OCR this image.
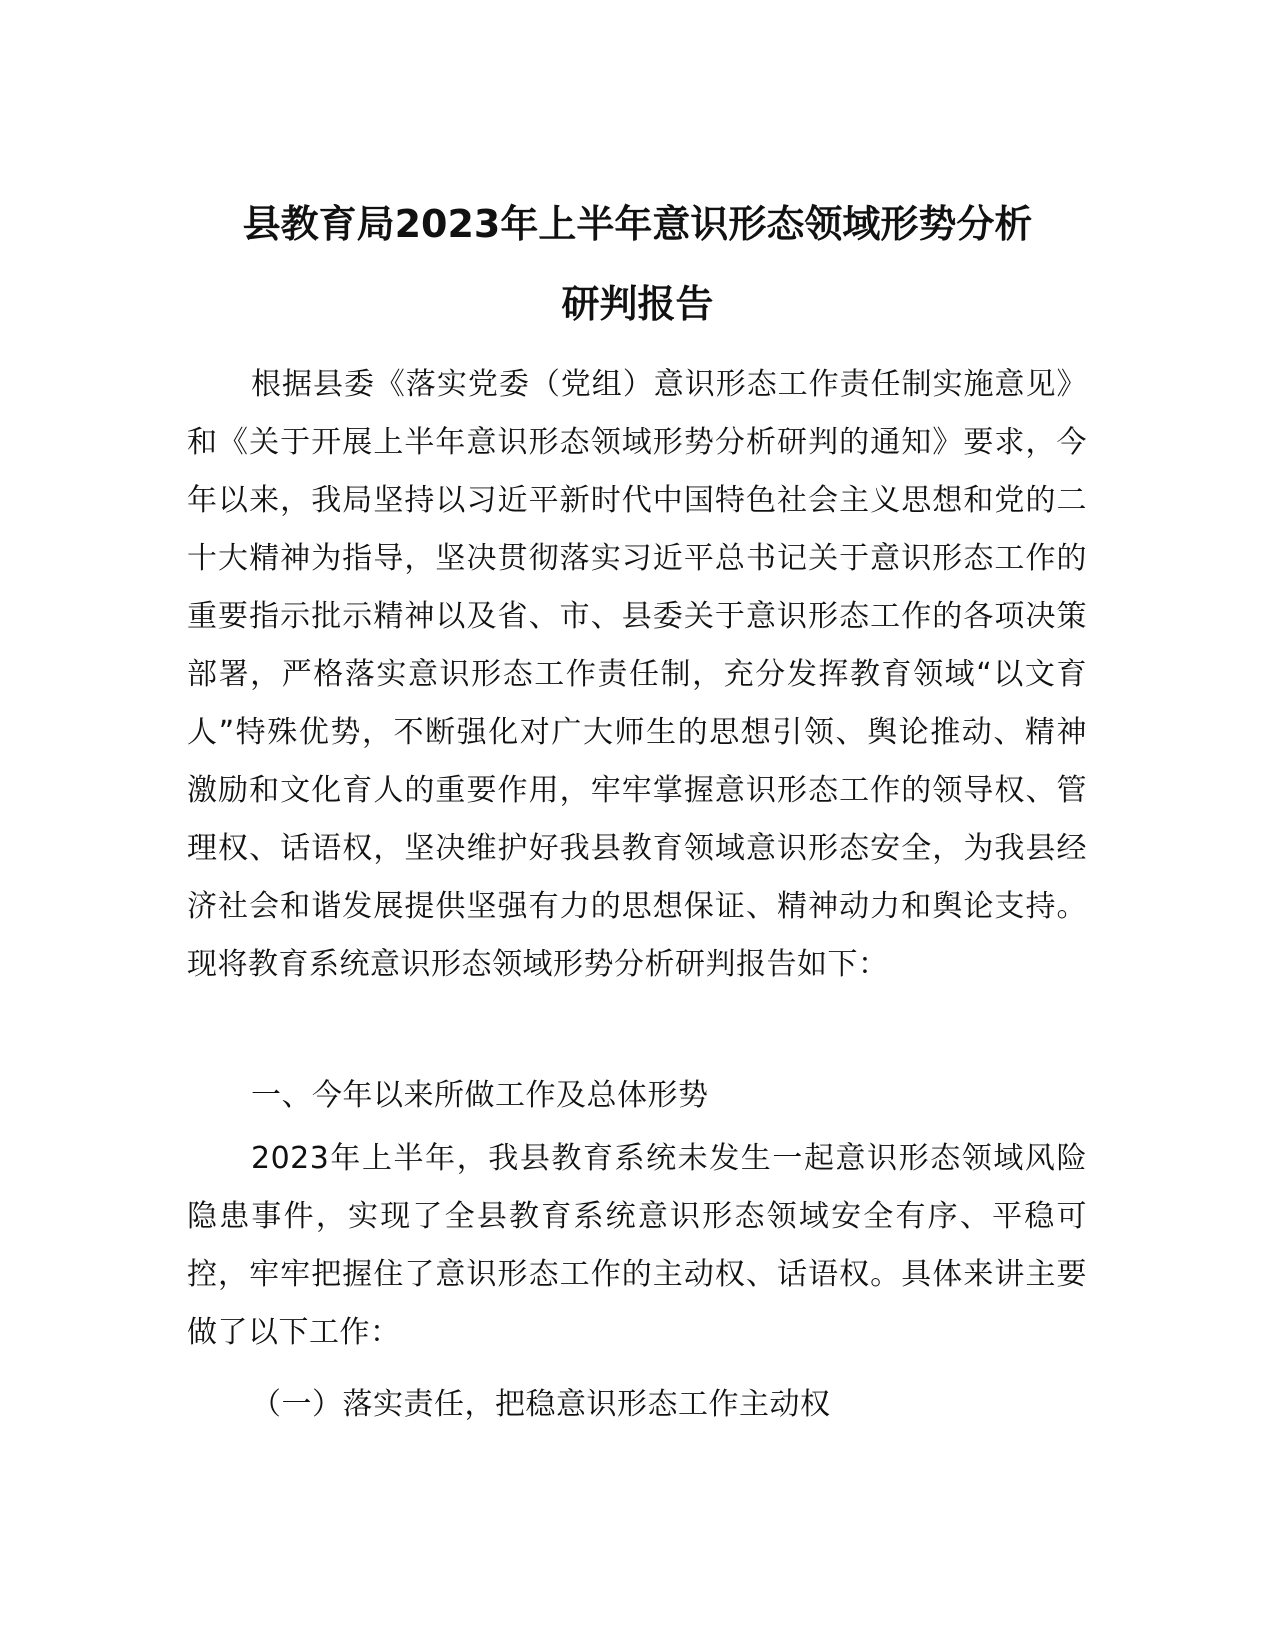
县教育局2023年上半年意识形态领域形势分析
研判报告

根据县委《落实党委（党组）意识形态工作责任制实施意见》和《关于开展上半年意识形态领域形势分析研判的通知》要求，今年以来，我局坚持以习近平新时代中国特色社会主义思想和党的二十大精神为指导，坚决贯彻落实习近平总书记关于意识形态工作的重要指示批示精神以及省、市、县委关于意识形态工作的各项决策部署，严格落实意识形态工作责任制，充分发挥教育领域“以文育人”特殊优势，不断强化对广大师生的思想引领、舆论推动、精神激励和文化育人的重要作用，牢牢掌握意识形态工作的领导权、管理权、话语权，坚决维护好我县教育领域意识形态安全，为我县经济社会和谐发展提供坚强有力的思想保证、精神动力和舆论支持。现将教育系统意识形态领域形势分析研判报告如下：

一、今年以来所做工作及总体形势

2023年上半年，我县教育系统未发生一起意识形态领域风险隐患事件，实现了全县教育系统意识形态领域安全有序、平稳可控，牢牢把握住了意识形态工作的主动权、话语权。具体来讲主要做了以下工作：

（一）落实责任，把稳意识形态工作主动权
